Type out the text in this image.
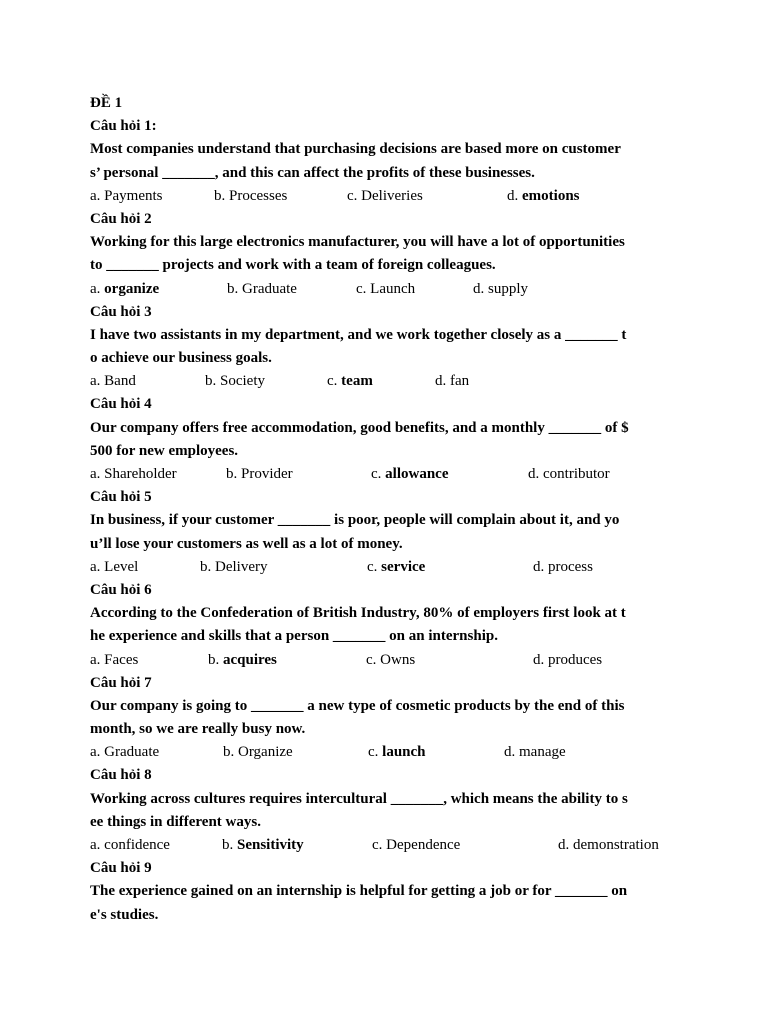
ĐỀ 1
Câu hỏi 1:
Most companies understand that purchasing decisions are based more on customer
s’ personal _______, and this can affect the profits of these businesses.
a. Payments	b. Processes	c. Deliveries	d. emotions
Câu hỏi 2
Working for this large electronics manufacturer, you will have a lot of opportunities
to _______ projects and work with a team of foreign colleagues.
a. organize	b. Graduate	c. Launch	d. supply
Câu hỏi 3
I have two assistants in my department, and we work together closely as a _______ t
o achieve our business goals.
a. Band	b. Society	c. team	d. fan
Câu hỏi 4
Our company offers free accommodation, good benefits, and a monthly _______ of $
500 for new employees.
a. Shareholder	b. Provider	c. allowance	d. contributor
Câu hỏi 5
In business, if your customer _______ is poor, people will complain about it, and yo
u’ll lose your customers as well as a lot of money.
a. Level	b. Delivery	c. service	d. process
Câu hỏi 6
According to the Confederation of British Industry, 80% of employers first look at t
he experience and skills that a person _______ on an internship.
a. Faces	b. acquires	c. Owns	d. produces
Câu hỏi 7
Our company is going to _______ a new type of cosmetic products by the end of this
month, so we are really busy now.
a. Graduate	b. Organize	c. launch	d. manage
Câu hỏi 8
Working across cultures requires intercultural _______, which means the ability to s
ee things in different ways.
a. confidence	b. Sensitivity	c. Dependence	d. demonstration
Câu hỏi 9
The experience gained on an internship is helpful for getting a job or for _______ on
e's studies.
